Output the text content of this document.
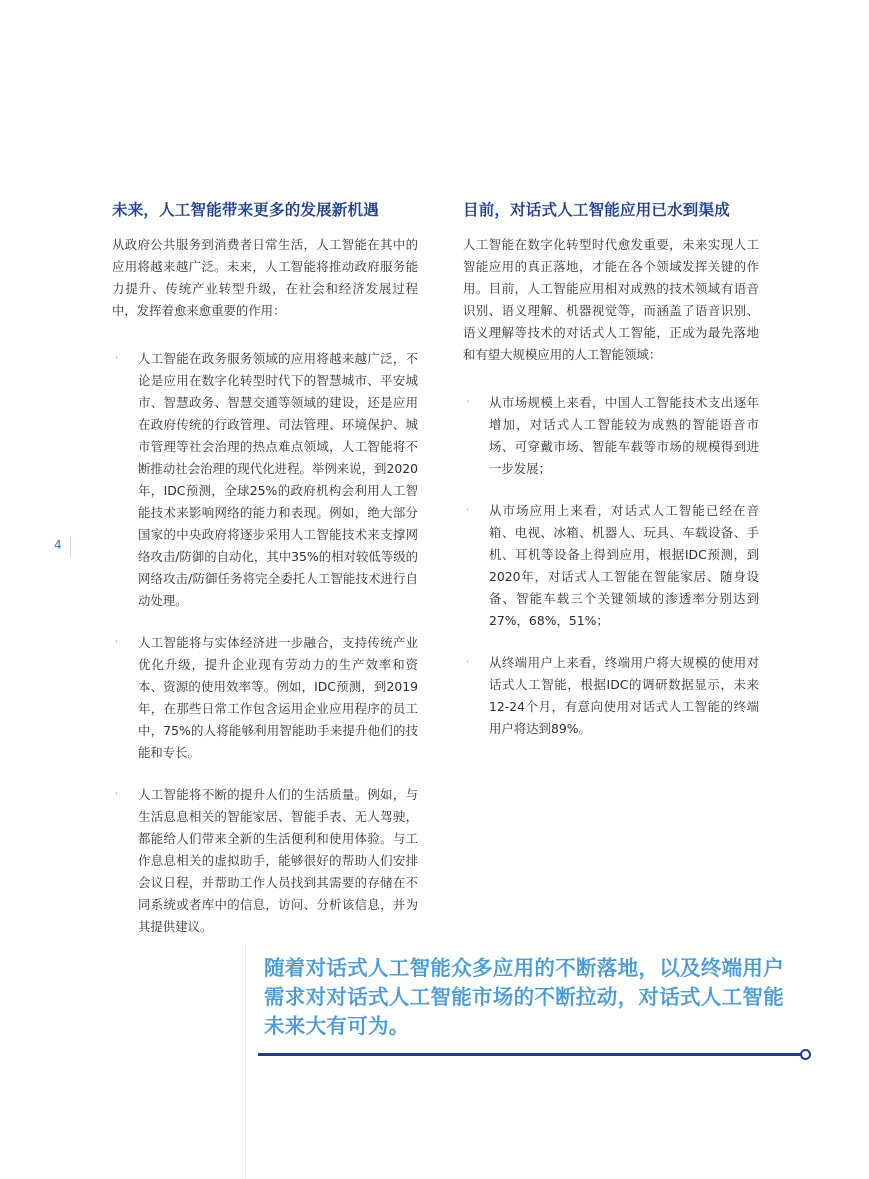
4
未来，人工智能带来更多的发展新机遇

从政府公共服务到消费者日常生活，人工智能在其中的应用将越来越广泛。未来，人工智能将推动政府服务能力提升、传统产业转型升级，在社会和经济发展过程中，发挥着愈来愈重要的作用：

· 人工智能在政务服务领域的应用将越来越广泛，不论是应用在数字化转型时代下的智慧城市、平安城市、智慧政务、智慧交通等领域的建设，还是应用在政府传统的行政管理、司法管理、环境保护、城市管理等社会治理的热点难点领域，人工智能将不断推动社会治理的现代化进程。举例来说，到2020年，IDC预测，全球25%的政府机构会利用人工智能技术来影响网络的能力和表现。例如，绝大部分国家的中央政府将逐步采用人工智能技术来支撑网络攻击/防御的自动化，其中35%的相对较低等级的网络攻击/防御任务将完全委托人工智能技术进行自动处理。
· 人工智能将与实体经济进一步融合，支持传统产业优化升级，提升企业现有劳动力的生产效率和资本、资源的使用效率等。例如，IDC预测，到2019年，在那些日常工作包含运用企业应用程序的员工中，75%的人将能够利用智能助手来提升他们的技能和专长。
· 人工智能将不断的提升人们的生活质量。例如，与生活息息相关的智能家居、智能手表、无人驾驶，都能给人们带来全新的生活便利和使用体验。与工作息息相关的虚拟助手，能够很好的帮助人们安排会议日程，并帮助工作人员找到其需要的存储在不同系统或者库中的信息，访问、分析该信息，并为其提供建议。
目前，对话式人工智能应用已水到渠成

人工智能在数字化转型时代愈发重要，未来实现人工智能应用的真正落地，才能在各个领域发挥关键的作用。目前，人工智能应用相对成熟的技术领域有语音识别、语义理解、机器视觉等，而涵盖了语音识别、语义理解等技术的对话式人工智能，正成为最先落地和有望大规模应用的人工智能领域：

· 从市场规模上来看，中国人工智能技术支出逐年增加，对话式人工智能较为成熟的智能语音市场、可穿戴市场、智能车载等市场的规模得到进一步发展；
· 从市场应用上来看，对话式人工智能已经在音箱、电视、冰箱、机器人、玩具、车载设备、手机、耳机等设备上得到应用，根据IDC预测，到2020年，对话式人工智能在智能家居、随身设备、智能车载三个关键领域的渗透率分别达到27%，68%，51%；
· 从终端用户上来看，终端用户将大规模的使用对话式人工智能，根据IDC的调研数据显示，未来12-24个月，有意向使用对话式人工智能的终端用户将达到89%。

随着对话式人工智能众多应用的不断落地，以及终端用户需求对对话式人工智能市场的不断拉动，对话式人工智能未来大有可为。
